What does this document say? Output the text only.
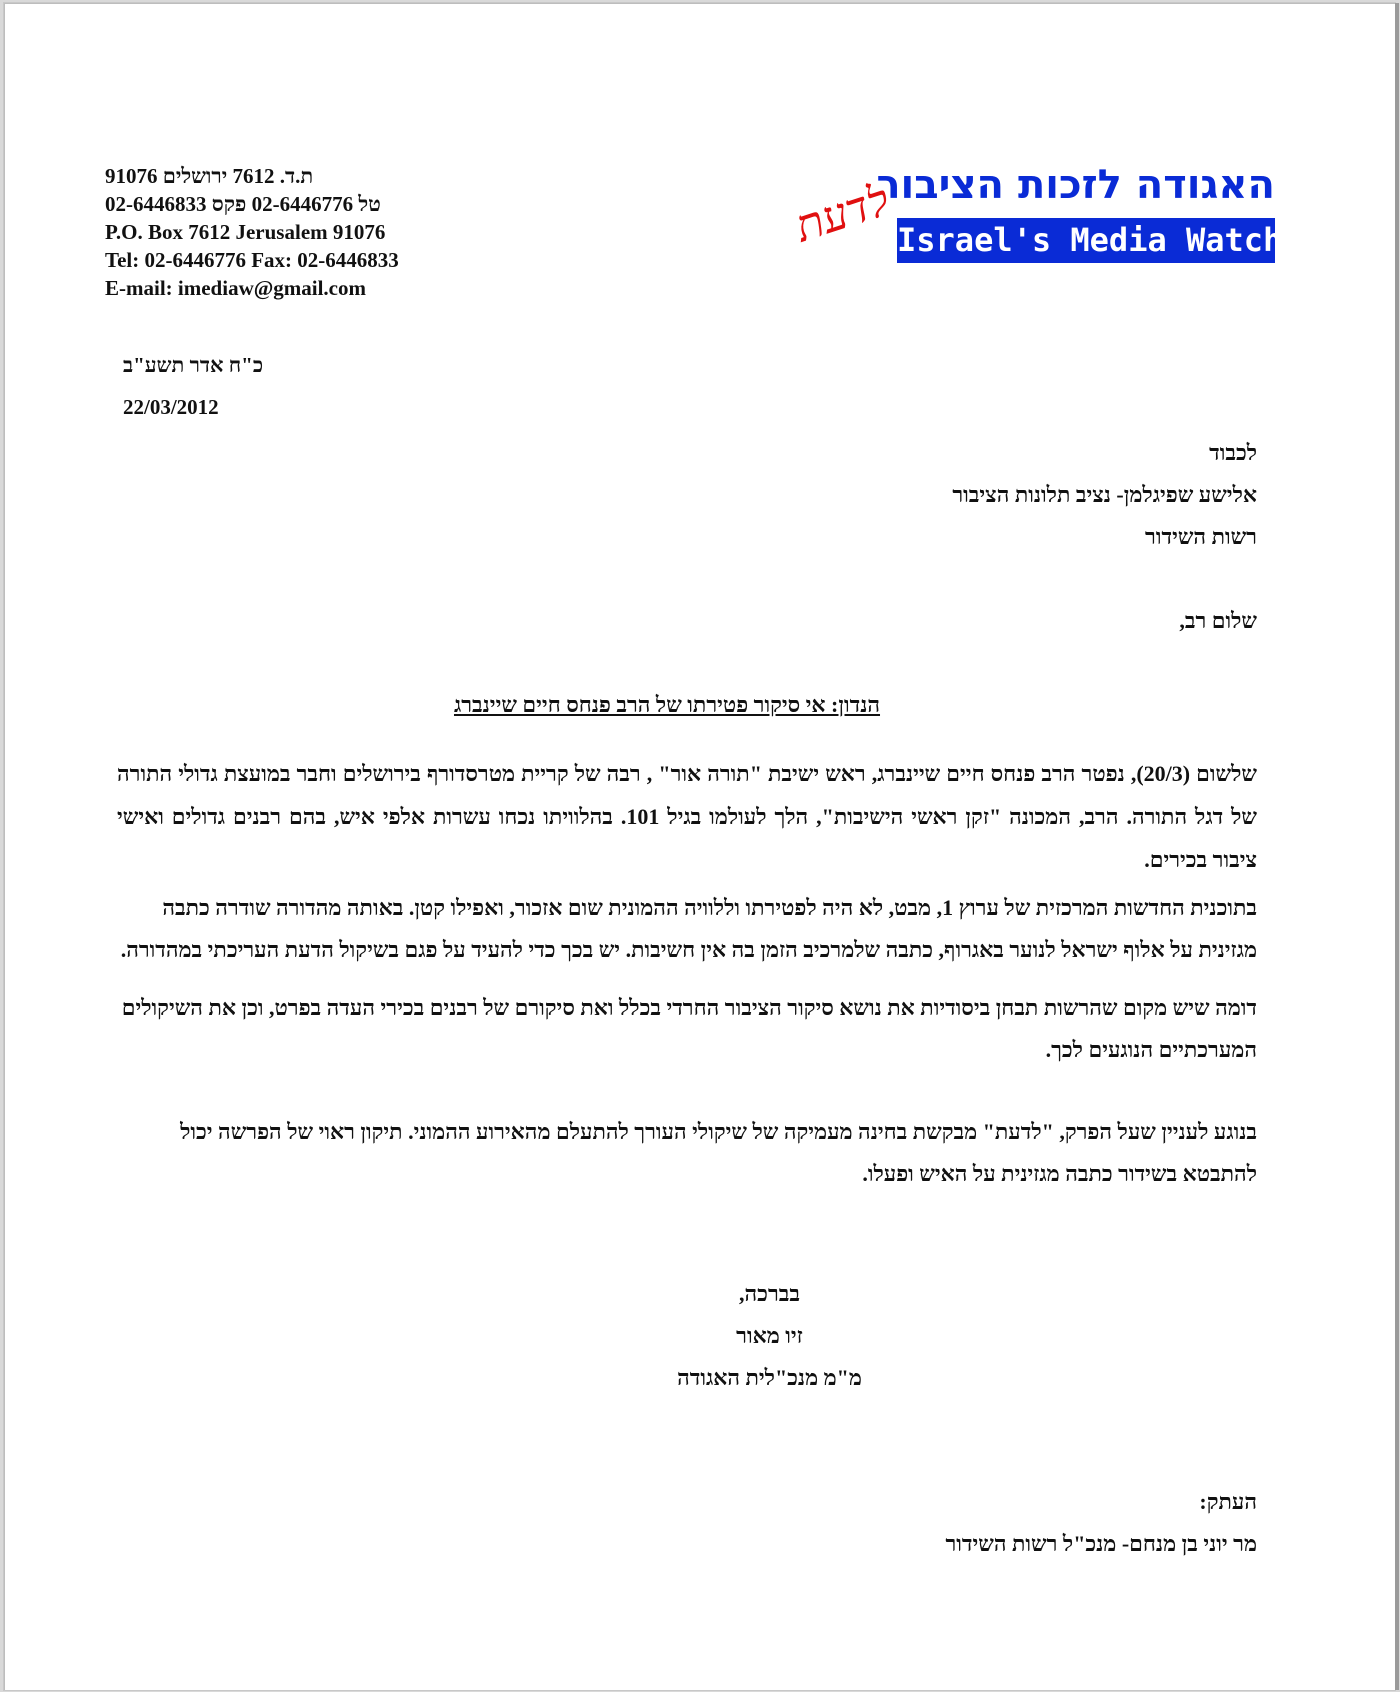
ת.ד. 7612 ירושלים 91076
טל 02-6446776 פקס 02-6446833
P.O. Box 7612 Jerusalem 91076
Tel: 02-6446776 Fax: 02-6446833
E-mail: imediaw@gmail.com
לדעת
האגודה לזכות הציבור
Israel's Media Watch
כ"ח אדר תשע"ב
22/03/2012
לכבוד
אלישע שפיגלמן- נציב תלונות הציבור
רשות השידור
שלום רב,
הנדון: אי סיקור פטירתו של הרב פנחס חיים שיינברג
שלשום (20/3), נפטר הרב פנחס חיים שיינברג, ראש ישיבת "תורה אור" , רבה של קריית מטרסדורף בירושלים וחבר במועצת גדולי התורה של דגל התורה. הרב, המכונה "זקן ראשי הישיבות", הלך לעולמו בגיל 101. בהלוויתו נכחו עשרות אלפי איש, בהם רבנים גדולים ואישי ציבור בכירים.
בתוכנית החדשות המרכזית של ערוץ 1, מבט, לא היה לפטירתו וללוויה ההמונית שום אזכור, ואפילו קטן. באותה מהדורה שודרה כתבה מגזינית על אלוף ישראל לנוער באגרוף, כתבה שלמרכיב הזמן בה אין חשיבות. יש בכך כדי להעיד על פגם בשיקול הדעת העריכתי במהדורה.
דומה שיש מקום שהרשות תבחן ביסודיות את נושא סיקור הציבור החרדי בכלל ואת סיקורם של רבנים בכירי העדה בפרט, וכן את השיקולים המערכתיים הנוגעים לכך.
בנוגע לעניין שעל הפרק, "לדעת" מבקשת בחינה מעמיקה של שיקולי העורך להתעלם מהאירוע ההמוני. תיקון ראוי של הפרשה יכול להתבטא בשידור כתבה מגזינית על האיש ופעלו.
בברכה,
זיו מאור
מ"מ מנכ"לית האגודה
העתק:
מר יוני בן מנחם- מנכ"ל רשות השידור
